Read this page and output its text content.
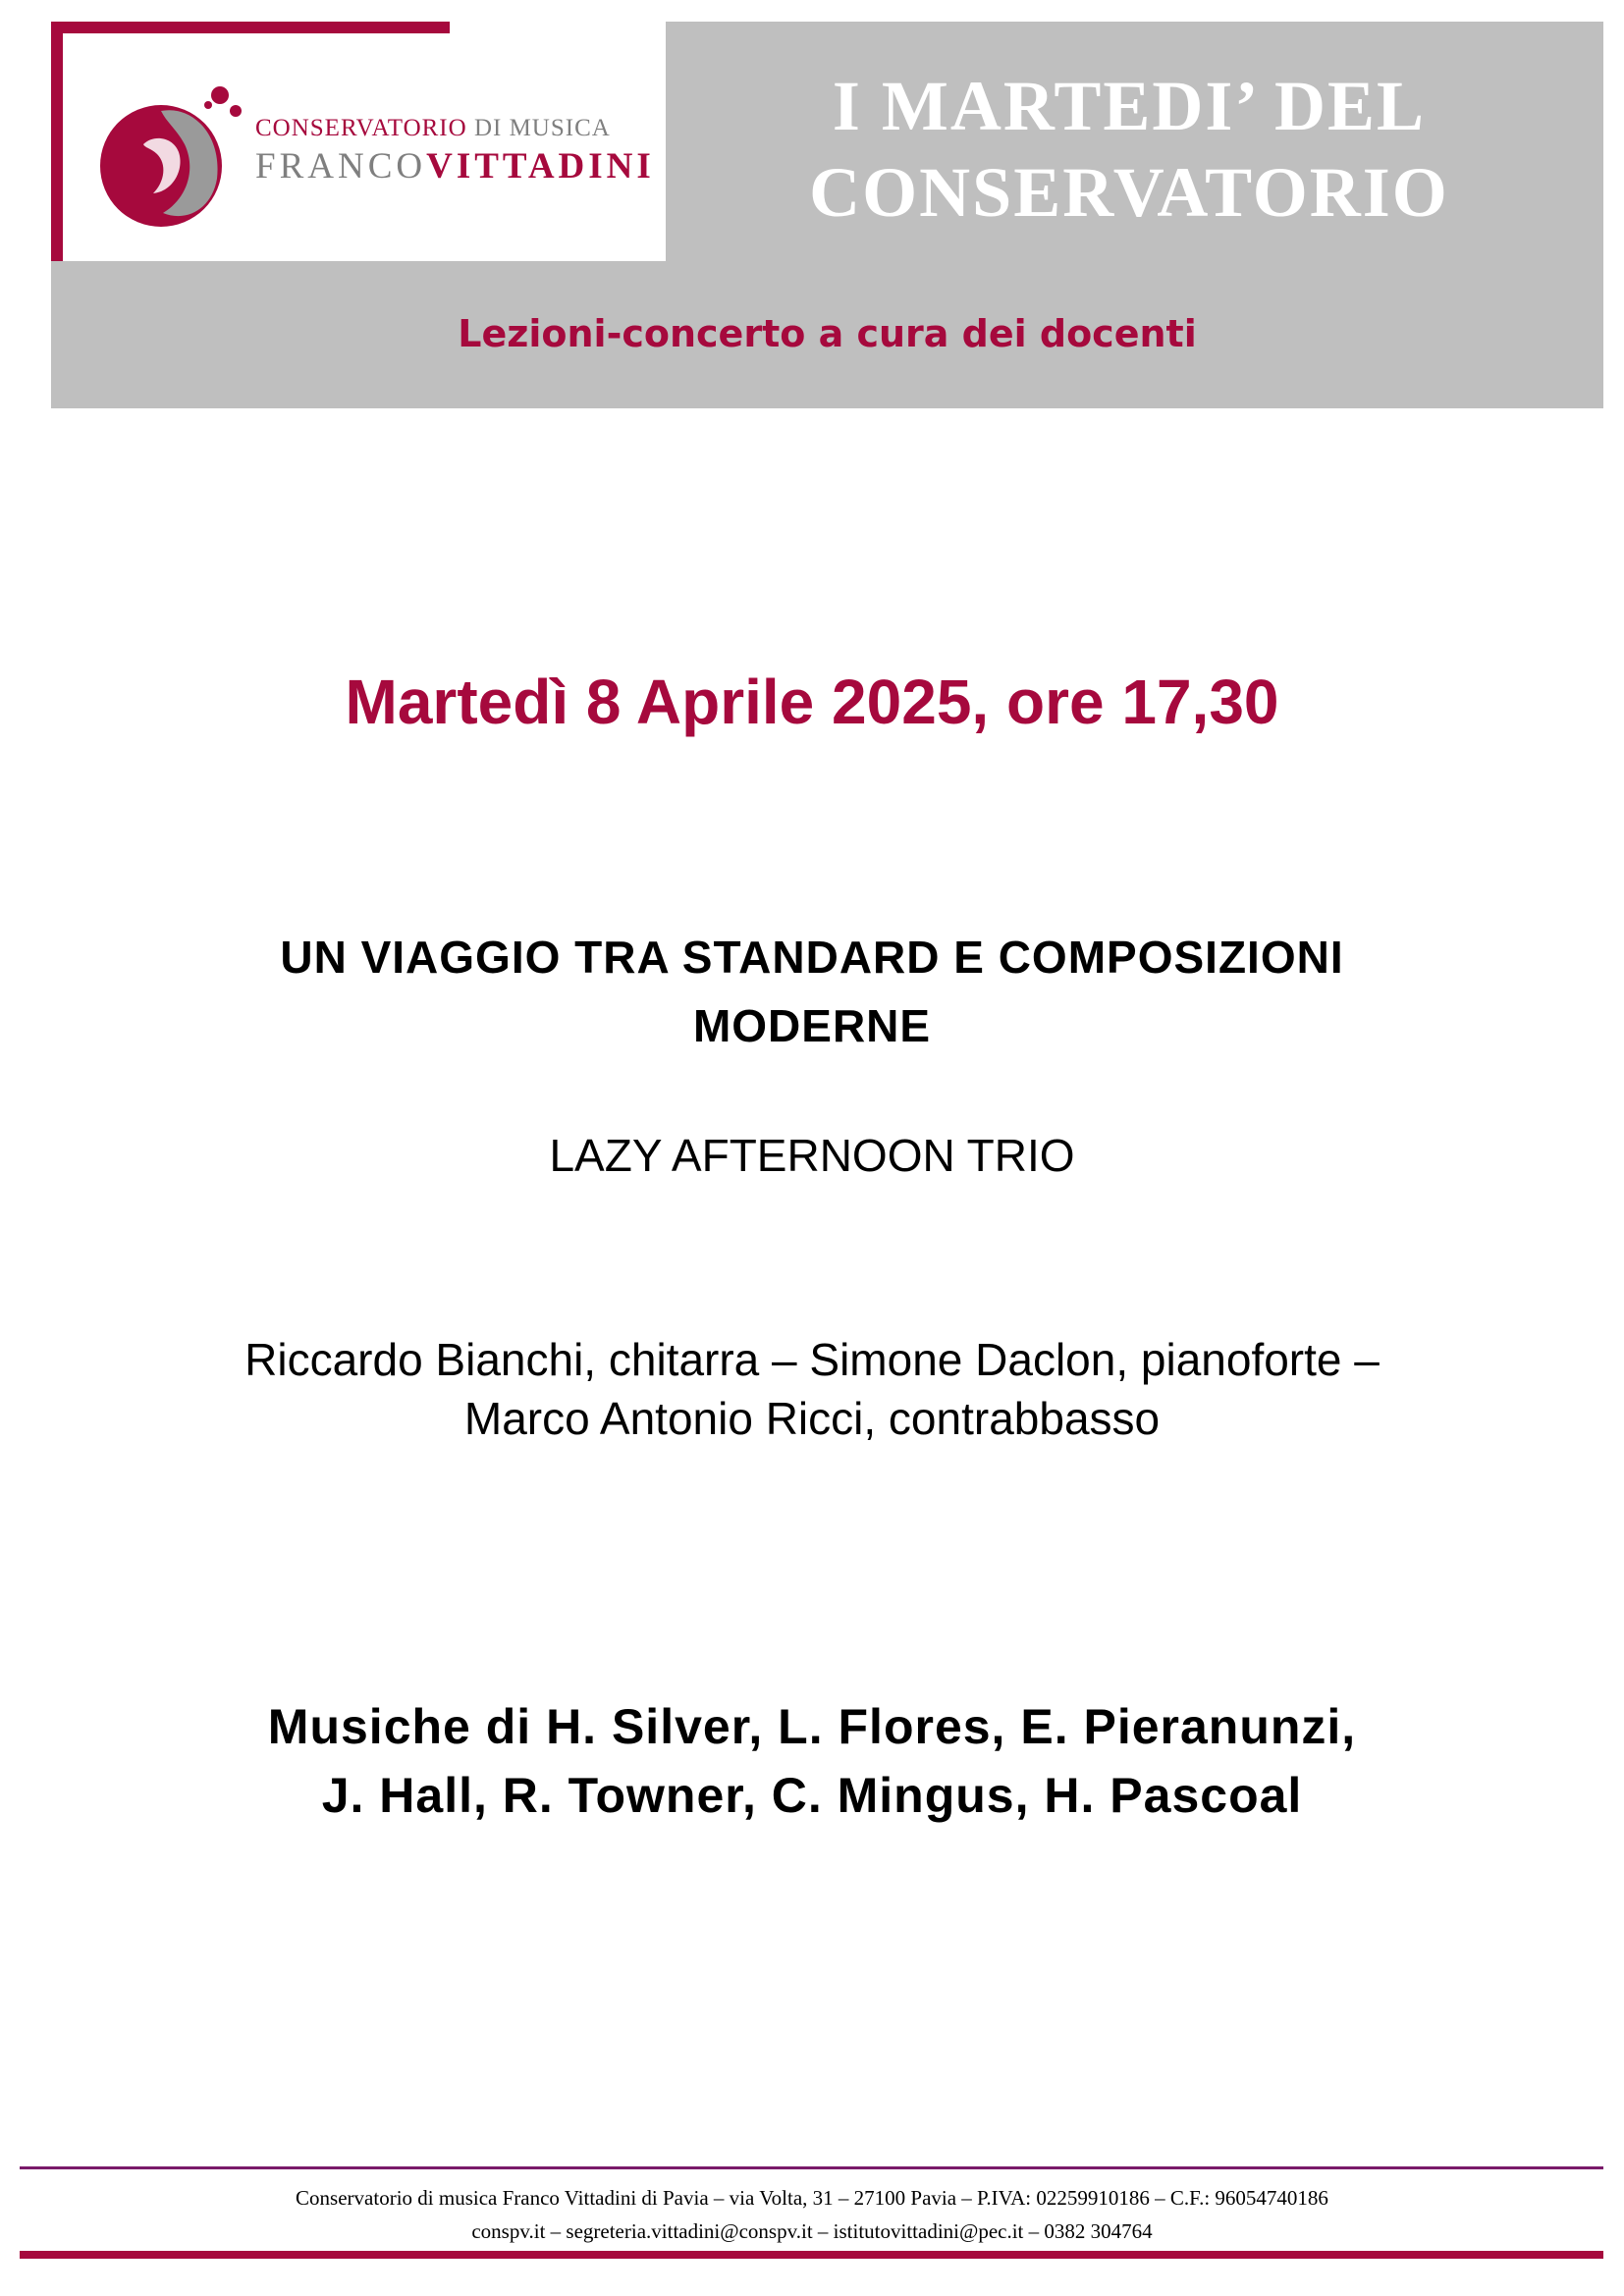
CONSERVATORIO DI MUSICA
FRANCOVITTADINI
I MARTEDI’ DEL
CONSERVATORIO
Lezioni-concerto a cura dei docenti
Martedì 8 Aprile 2025, ore 17,30
UN VIAGGIO TRA STANDARD E COMPOSIZIONI
MODERNE
LAZY AFTERNOON TRIO
Riccardo Bianchi, chitarra – Simone Daclon, pianoforte –
Marco Antonio Ricci, contrabbasso
Musiche di H. Silver, L. Flores, E. Pieranunzi,
J. Hall, R. Towner, C. Mingus, H. Pascoal
Conservatorio di musica Franco Vittadini di Pavia – via Volta, 31 – 27100 Pavia – P.IVA: 02259910186 – C.F.: 96054740186
conspv.it – segreteria.vittadini@conspv.it – istitutovittadini@pec.it – 0382 304764
